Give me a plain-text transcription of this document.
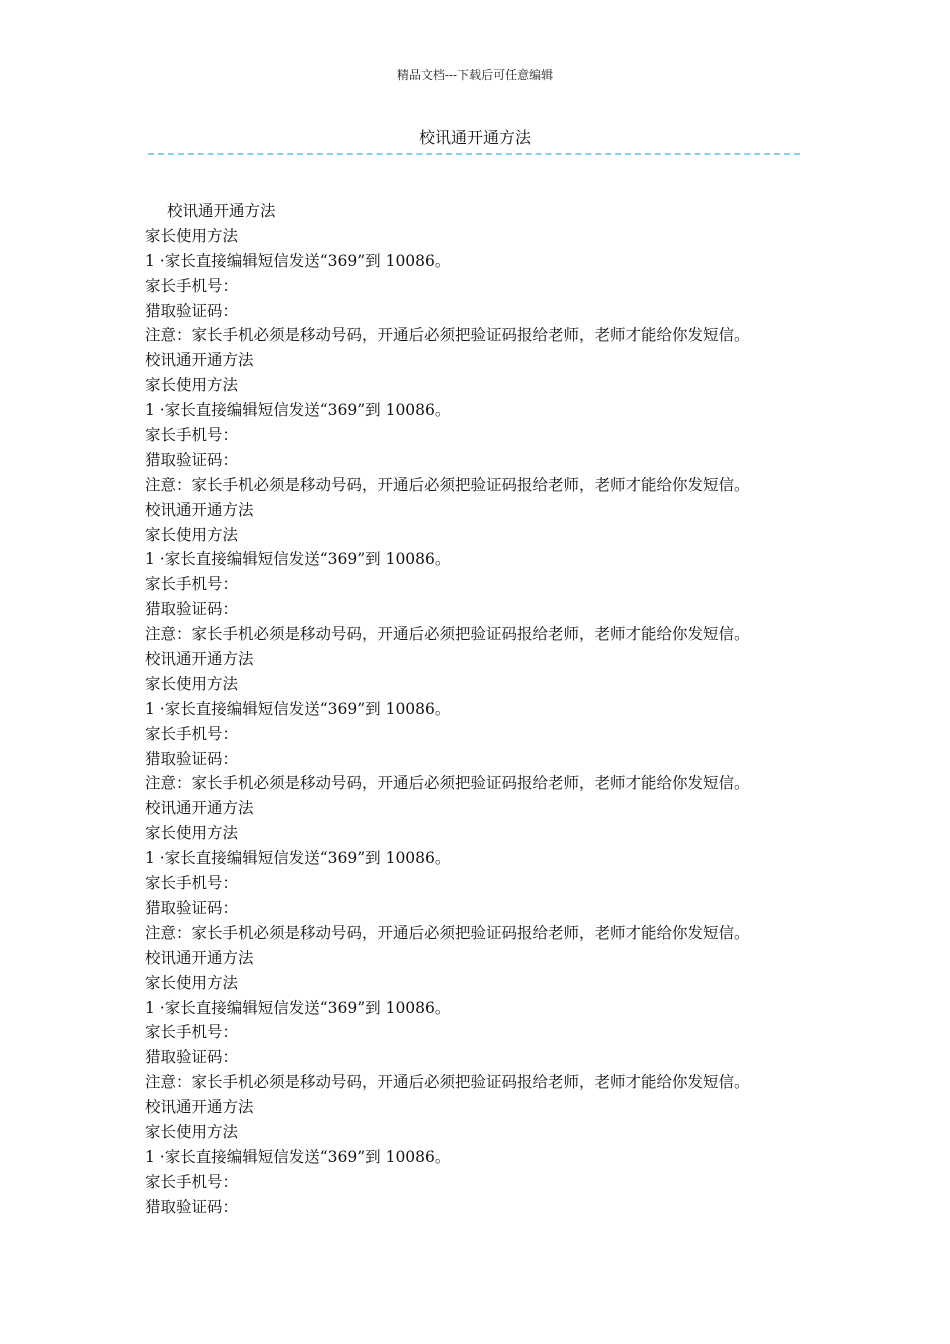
精品文档---下载后可任意编辑
校讯通开通方法
校讯通开通方法
家长使用方法
1 ·家长直接编辑短信发送“369”到 10086。
家长手机号：
猎取验证码：
注意：家长手机必须是移动号码，开通后必须把验证码报给老师，老师才能给你发短信。
校讯通开通方法
家长使用方法
1 ·家长直接编辑短信发送“369”到 10086。
家长手机号：
猎取验证码：
注意：家长手机必须是移动号码，开通后必须把验证码报给老师，老师才能给你发短信。
校讯通开通方法
家长使用方法
1 ·家长直接编辑短信发送“369”到 10086。
家长手机号：
猎取验证码：
注意：家长手机必须是移动号码，开通后必须把验证码报给老师，老师才能给你发短信。
校讯通开通方法
家长使用方法
1 ·家长直接编辑短信发送“369”到 10086。
家长手机号：
猎取验证码：
注意：家长手机必须是移动号码，开通后必须把验证码报给老师，老师才能给你发短信。
校讯通开通方法
家长使用方法
1 ·家长直接编辑短信发送“369”到 10086。
家长手机号：
猎取验证码：
注意：家长手机必须是移动号码，开通后必须把验证码报给老师，老师才能给你发短信。
校讯通开通方法
家长使用方法
1 ·家长直接编辑短信发送“369”到 10086。
家长手机号：
猎取验证码：
注意：家长手机必须是移动号码，开通后必须把验证码报给老师，老师才能给你发短信。
校讯通开通方法
家长使用方法
1 ·家长直接编辑短信发送“369”到 10086。
家长手机号：
猎取验证码：
